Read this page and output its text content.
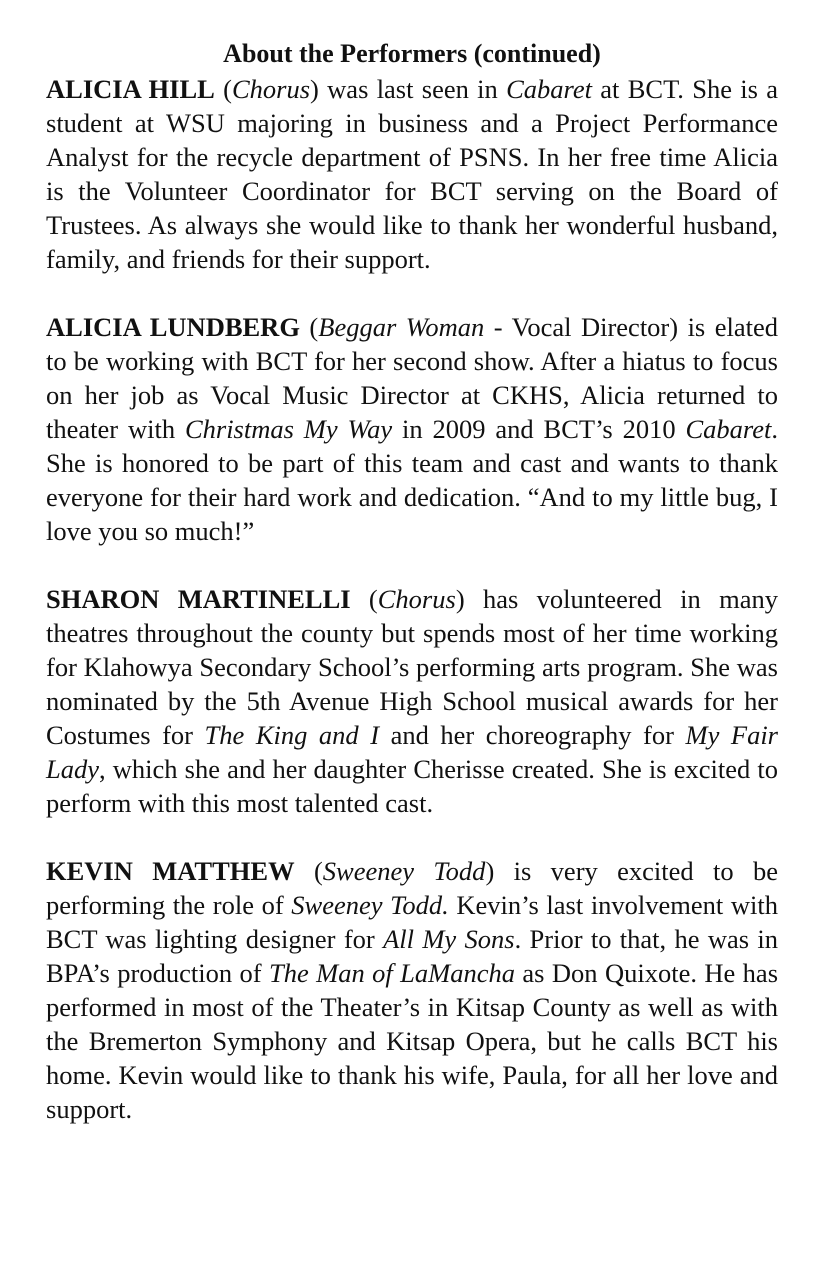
About the Performers (continued)

ALICIA HILL (Chorus) was last seen in Cabaret at BCT. She is a student at WSU majoring in business and a Project Performance Analyst for the recycle department of PSNS. In her free time Alicia is the Volunteer Coordinator for BCT serving on the Board of Trustees. As always she would like to thank her wonderful husband, family, and friends for their support.

ALICIA LUNDBERG (Beggar Woman - Vocal Director) is elated to be working with BCT for her second show. After a hiatus to focus on her job as Vocal Music Director at CKHS, Alicia returned to theater with Christmas My Way in 2009 and BCT’s 2010 Cabaret. She is honored to be part of this team and cast and wants to thank everyone for their hard work and dedication. “And to my little bug, I love you so much!”

SHARON MARTINELLI (Chorus) has volunteered in many theatres throughout the county but spends most of her time working for Klahowya Secondary School’s performing arts program. She was nominated by the 5th Avenue High School musical awards for her Costumes for The King and I and her choreography for My Fair Lady, which she and her daughter Cherisse created. She is excited to perform with this most talented cast.

KEVIN MATTHEW (Sweeney Todd) is very excited to be performing the role of Sweeney Todd. Kevin’s last involvement with BCT was lighting designer for All My Sons. Prior to that, he was in BPA’s production of The Man of LaMancha as Don Quixote. He has performed in most of the Theater’s in Kitsap County as well as with the Bremerton Symphony and Kitsap Opera, but he calls BCT his home. Kevin would like to thank his wife, Paula, for all her love and support.
